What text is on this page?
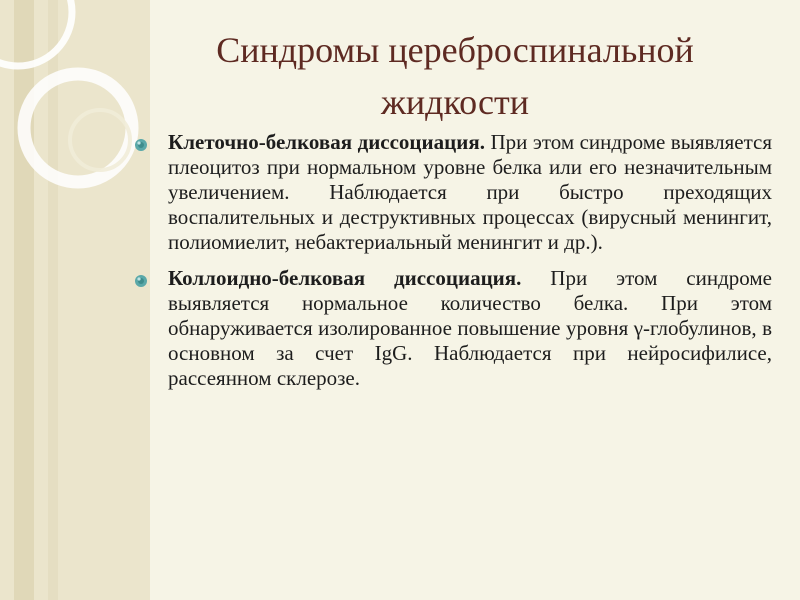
Синдромы цереброспинальной жидкости
Клеточно-белковая диссоциация. При этом синдроме выявляется плеоцитоз при нормальном уровне белка или его незначительным увеличением. Наблюдается при быстро преходящих воспалительных и деструктивных процессах (вирусный менингит, полиомиелит, небактериальный менингит и др.).
Коллоидно-белковая диссоциация. При этом синдроме выявляется нормальное количество белка. При этом обнаруживается изолированное повышение уровня γ-глобулинов, в основном за счет IgG. Наблюдается при нейросифилисе, рассеянном склерозе.
